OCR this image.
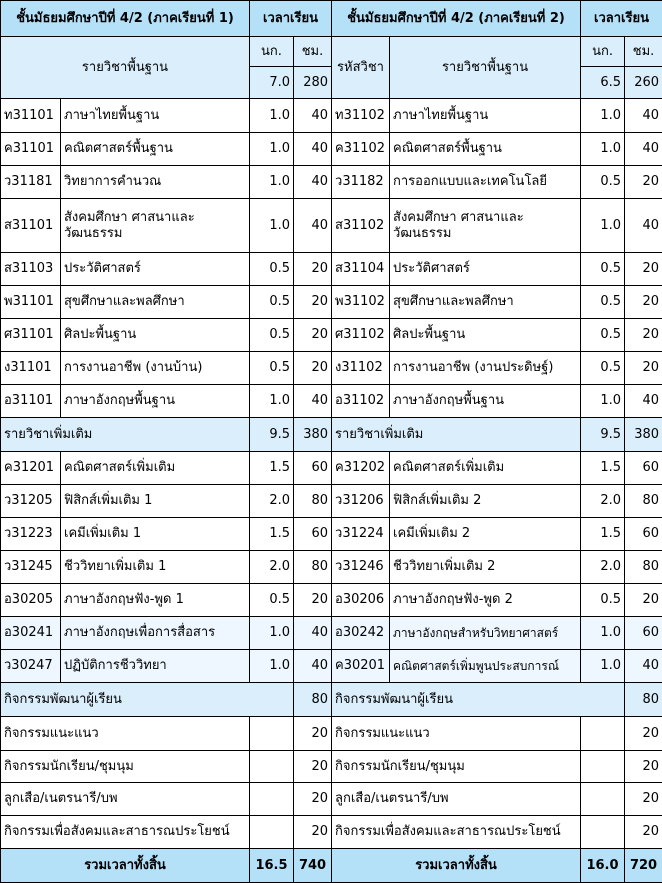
ชั้นมัธยมศึกษาปีที่ 4/2 (ภาคเรียนที่ 1)		เวลาเรียน		ชั้นมัธยมศึกษาปีที่ 4/2 (ภาคเรียนที่ 2)		เวลาเรียน	
รายวิชาพื้นฐาน		นก.	ชม.	รหัสวิชา	รายวิชาพื้นฐาน	นก.	ชม.
		7.0	280			6.5	260
ท31101	ภาษาไทยพื้นฐาน	1.0	40	ท31102	ภาษาไทยพื้นฐาน	1.0	40
ค31101	คณิตศาสตร์พื้นฐาน	1.0	40	ค31102	คณิตศาสตร์พื้นฐาน	1.0	40
ว31181	วิทยาการคำนวณ	1.0	40	ว31182	การออกแบบและเทคโนโลยี	0.5	20
ส31101	สังคมศึกษา ศาสนาและวัฒนธรรม	1.0	40	ส31102	สังคมศึกษา ศาสนาและวัฒนธรรม	1.0	40
ส31103	ประวัติศาสตร์	0.5	20	ส31104	ประวัติศาสตร์	0.5	20
พ31101	สุขศึกษาและพลศึกษา	0.5	20	พ31102	สุขศึกษาและพลศึกษา	0.5	20
ศ31101	ศิลปะพื้นฐาน	0.5	20	ศ31102	ศิลปะพื้นฐาน	0.5	20
ง31101	การงานอาชีพ (งานบ้าน)	0.5	20	ง31102	การงานอาชีพ (งานประดิษฐ์)	0.5	20
อ31101	ภาษาอังกฤษพื้นฐาน	1.0	40	อ31102	ภาษาอังกฤษพื้นฐาน	1.0	40
รายวิชาเพิ่มเติม		9.5	380	รายวิชาเพิ่มเติม		9.5	380
ค31201	คณิตศาสตร์เพิ่มเติม	1.5	60	ค31202	คณิตศาสตร์เพิ่มเติม	1.5	60
ว31205	ฟิสิกส์เพิ่มเติม 1	2.0	80	ว31206	ฟิสิกส์เพิ่มเติม 2	2.0	80
ว31223	เคมีเพิ่มเติม 1	1.5	60	ว31224	เคมีเพิ่มเติม 2	1.5	60
ว31245	ชีววิทยาเพิ่มเติม 1	2.0	80	ว31246	ชีววิทยาเพิ่มเติม 2	2.0	80
อ30205	ภาษาอังกฤษฟัง-พูด 1	0.5	20	อ30206	ภาษาอังกฤษฟัง-พูด 2	0.5	20
อ30241	ภาษาอังกฤษเพื่อการสื่อสาร	1.0	40	อ30242	ภาษาอังกฤษสำหรับวิทยาศาสตร์	1.0	60
ว30247	ปฏิบัติการชีววิทยา	1.0	40	ค30201	คณิตศาสตร์เพิ่มพูนประสบการณ์	1.0	40
กิจกรรมพัฒนาผู้เรียน			80	กิจกรรมพัฒนาผู้เรียน			80
กิจกรรมแนะแนว			20	กิจกรรมแนะแนว			20
กิจกรรมนักเรียน/ชุมนุม			20	กิจกรรมนักเรียน/ชุมนุม			20
ลูกเสือ/เนตรนารี/บพ			20	ลูกเสือ/เนตรนารี/บพ			20
กิจกรรมเพื่อสังคมและสาธารณประโยชน์			20	กิจกรรมเพื่อสังคมและสาธารณประโยชน์			20
รวมเวลาทั้งสิ้น		16.5	740	รวมเวลาทั้งสิ้น		16.0	720
